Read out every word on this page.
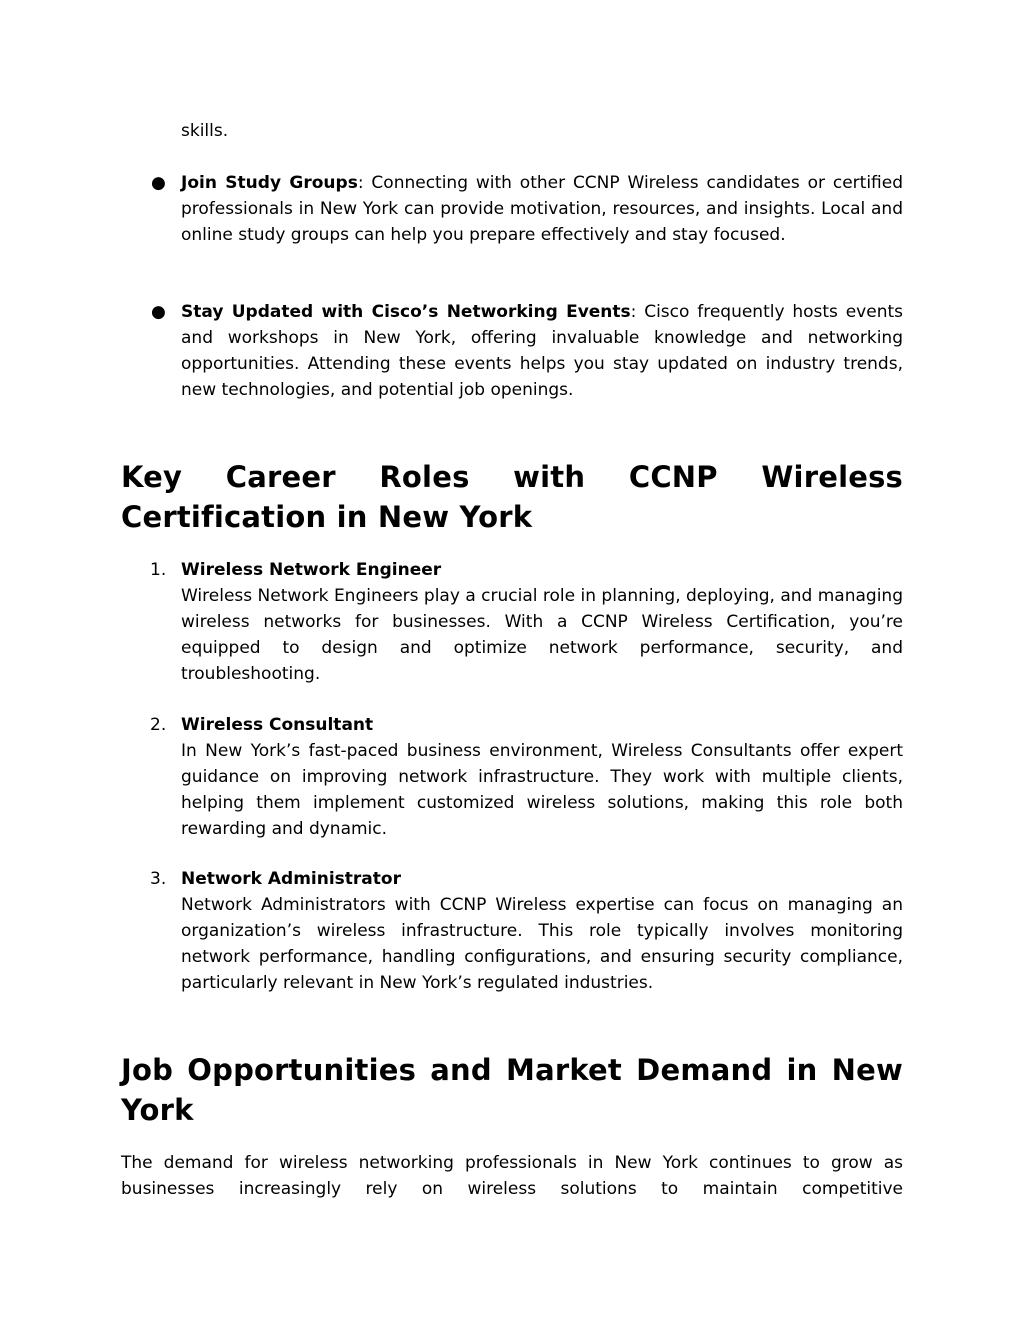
skills.

● Join Study Groups: Connecting with other CCNP Wireless candidates or certified professionals in New York can provide motivation, resources, and insights. Local and online study groups can help you prepare effectively and stay focused.

● Stay Updated with Cisco’s Networking Events: Cisco frequently hosts events and workshops in New York, offering invaluable knowledge and networking opportunities. Attending these events helps you stay updated on industry trends, new technologies, and potential job openings.

Key Career Roles with CCNP Wireless Certification in New York
1. Wireless Network Engineer
Wireless Network Engineers play a crucial role in planning, deploying, and managing wireless networks for businesses. With a CCNP Wireless Certification, you’re equipped to design and optimize network performance, security, and troubleshooting.
2. Wireless Consultant
In New York’s fast-paced business environment, Wireless Consultants offer expert guidance on improving network infrastructure. They work with multiple clients, helping them implement customized wireless solutions, making this role both rewarding and dynamic.
3. Network Administrator
Network Administrators with CCNP Wireless expertise can focus on managing an organization’s wireless infrastructure. This role typically involves monitoring network performance, handling configurations, and ensuring security compliance, particularly relevant in New York’s regulated industries.
Job Opportunities and Market Demand in New York

The demand for wireless networking professionals in New York continues to grow as businesses increasingly rely on wireless solutions to maintain competitive
